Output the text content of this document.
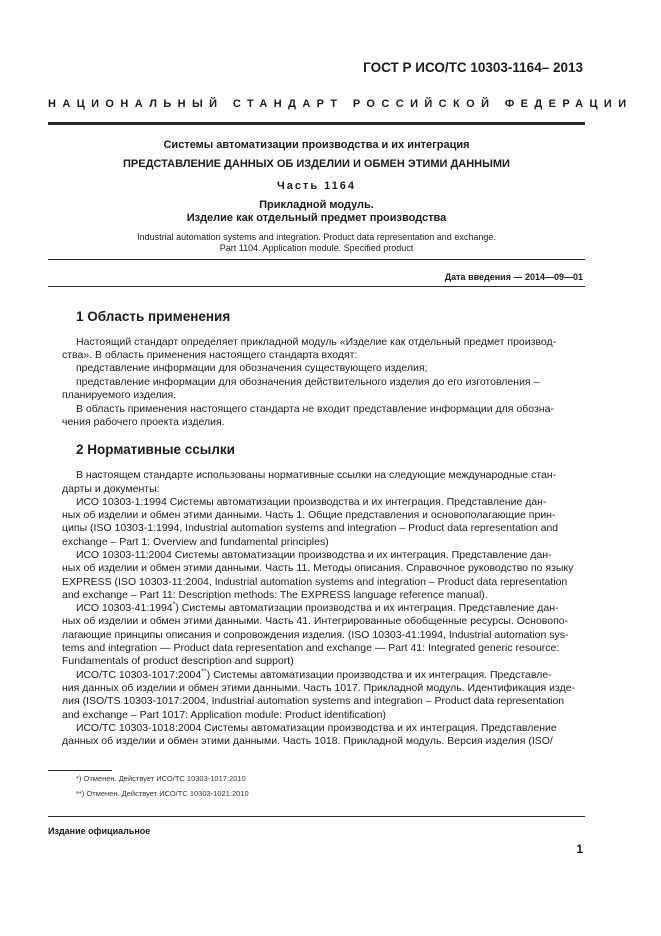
ГОСТ Р ИСО/ТС 10303-1164– 2013
НАЦИОНАЛЬНЫЙ СТАНДАРТ РОССИЙСКОЙ ФЕДЕРАЦИИ
Системы автоматизации производства и их интеграция
ПРЕДСТАВЛЕНИЕ ДАННЫХ ОБ ИЗДЕЛИИ И ОБМЕН ЭТИМИ ДАННЫМИ
Часть 1164
Прикладной модуль.
Изделие как отдельный предмет производства
Industrial automation systems and integration. Product data representation and exchange.
Part 1104. Application module. Specified product
Дата введения — 2014—09—01
1 Область применения
Настоящий стандарт определяет прикладной модуль «Изделие как отдельный предмет производ-
ства». В область применения настоящего стандарта входят:
представление информации для обозначения существующего изделия;
представление информации для обозначения действительного изделия до его изготовления –
планируемого изделия.
В область применения настоящего стандарта не входит представление информации для обозна-
чения рабочего проекта изделия.
2 Нормативные ссылки
В настоящем стандарте использованы нормативные ссылки на следующие международные стан-
дарты и документы:
ИСО 10303-1:1994 Системы автоматизации производства и их интеграция. Представление дан-
ных об изделии и обмен этими данными. Часть 1. Общие представления и основополагающие прин-
ципы (ISO 10303-1:1994, Industrial automation systems and integration – Product data representation and
exchange – Part 1: Overview and fundamental principles)
ИСО 10303-11:2004 Системы автоматизации производства и их интеграция. Представление дан-
ных об изделии и обмен этими данными. Часть 11. Методы описания. Справочное руководство по языку
EXPRESS (ISO 10303-11:2004, Industrial automation systems and integration – Product data representation
and exchange – Part 11: Description methods: The EXPRESS language reference manual).
ИСО 10303-41:1994*) Системы автоматизации производства и их интеграция. Представление дан-
ных об изделии и обмен этими данными. Часть 41. Интегрированные обобщенные ресурсы. Основопо-
лагающие принципы описания и сопровождения изделия. (ISO 10303-41:1994, Industrial automation sys-
tems and integration — Product data representation and exchange — Part 41: Integrated generic resource:
Fundamentals of product description and support)
ИСО/ТС 10303-1017:2004**) Системы автоматизации производства и их интеграция. Представле-
ния данных об изделии и обмен этими данными. Часть 1017. Прикладной модуль. Идентификация изде-
лия (ISO/TS 10303-1017:2004, Industrial automation systems and integration – Product data representation
and exchange – Part 1017: Application module: Product identification)
ИСО/ТС 10303-1018:2004 Системы автоматизации производства и их интеграция. Представление
данных об изделии и обмен этими данными. Часть 1018. Прикладной модуль. Версия изделия (ISO/
*) Отменен. Действует ИСО/ТС 10303-1017:2010
**) Отменен. Действует ИСО/ТС 10303-1021:2010
Издание официальное
1
